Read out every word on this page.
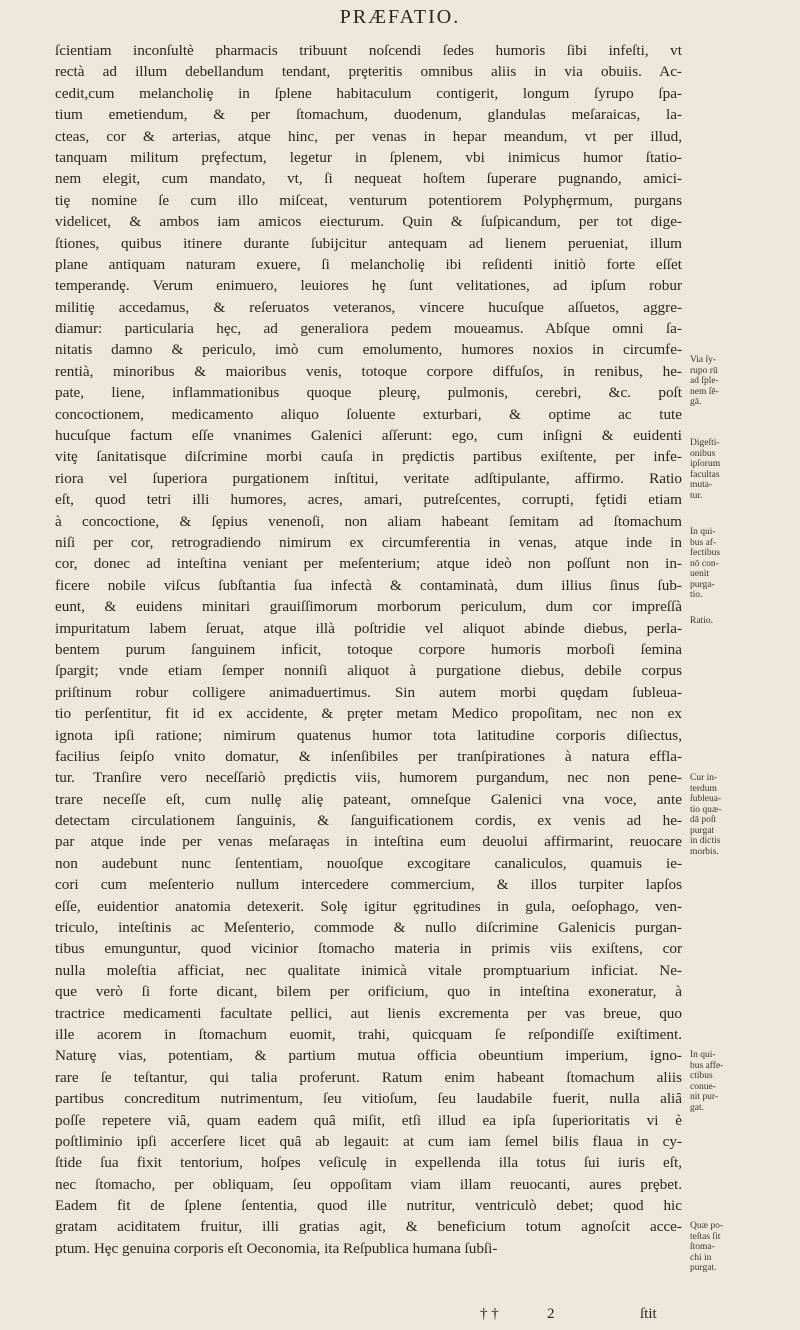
PRÆFATIO.
ſcientiam inconſultè pharmacis tribuunt noſcendi ſedes humoris ſibi infeſti, vt
rectà ad illum debellandum tendant, prȩteritis omnibus aliis in via obuiis. Ac-
cedit,cum melancholiȩ in ſplene habitaculum contigerit, longum ſyrupo ſpa-
tium emetiendum, & per ſtomachum, duodenum, glandulas meſaraicas, la-
cteas, cor & arterias, atque hinc, per venas in hepar meandum, vt per illud,
tanquam militum prȩfectum, legetur in ſplenem, vbi inimicus humor ſtatio-
nem elegit, cum mandato, vt, ſi nequeat hoſtem ſuperare pugnando, amici-
tiȩ nomine ſe cum illo miſceat, venturum potentiorem Polyphȩrmum, purgans
videlicet, & ambos iam amicos eiecturum. Quin & ſuſpicandum, per tot dige-
ſtiones, quibus itinere durante ſubijcitur antequam ad lienem perueniat, illum
plane antiquam naturam exuere, ſi melancholiȩ ibi reſidenti initiò forte eſſet
temperandȩ. Verum enimuero, leuiores hȩ ſunt velitationes, ad ipſum robur
militiȩ accedamus, & reſeruatos veteranos, vincere hucuſque aſſuetos, aggre-
diamur: particularia hȩc, ad generaliora pedem moueamus. Abſque omni ſa-
nitatis damno & periculo, imò cum emolumento, humores noxios in circumfe-
rentià, minoribus & maioribus venis, totoque corpore diffuſos, in renibus, he-
pate, liene, inflammationibus quoque pleurȩ, pulmonis, cerebri, &c. poſt
concoctionem, medicamento aliquo ſoluente exturbari, & optime ac tute
hucuſque factum eſſe vnanimes Galenici aſſerunt: ego, cum inſigni & euidenti
vitȩ ſanitatisque diſcrimine morbi cauſa in prȩdictis partibus exiſtente, per infe-
riora vel ſuperiora purgationem inſtitui, veritate adſtipulante, affirmo. Ratio
eſt, quod tetri illi humores, acres, amari, putreſcentes, corrupti, fȩtidi etiam
à concoctione, & ſȩpius venenoſi, non aliam habeant ſemitam ad ſtomachum
niſi per cor, retrogradiendo nimirum ex circumferentia in venas, atque inde in
cor, donec ad inteſtina veniant per meſenterium; atque ideò non poſſunt non in-
ficere nobile viſcus ſubſtantia ſua infectà & contaminatà, dum illius ſinus ſub-
eunt, & euidens minitari grauiſſimorum morborum periculum, dum cor impreſſà
impuritatum labem ſeruat, atque illà poſtridie vel aliquot abinde diebus, perla-
bentem purum ſanguinem inficit, totoque corpore humoris morboſi ſemina
ſpargit; vnde etiam ſemper nonniſi aliquot à purgatione diebus, debile corpus
priſtinum robur colligere animaduertimus. Sin autem morbi quȩdam ſubleua-
tio perſentitur, fit id ex accidente, & prȩter metam Medico propoſitam, nec non ex
ignota ipſi ratione; nimirum quatenus humor tota latitudine corporis diſiectus,
facilius ſeipſo vnito domatur, & inſenſibiles per tranſpirationes à natura effla-
tur. Tranſire vero neceſſariò prȩdictis viis, humorem purgandum, nec non pene-
trare neceſſe eſt, cum nullȩ aliȩ pateant, omneſque Galenici vna voce, ante
detectam circulationem ſanguinis, & ſanguificationem cordis, ex venis ad he-
par atque inde per venas meſaraȩas in inteſtina eum deuolui affirmarint, reuocare
non audebunt nunc ſententiam, nouoſque excogitare canaliculos, quamuis ie-
cori cum meſenterio nullum intercedere commercium, & illos turpiter lapſos
eſſe, euidentior anatomia detexerit. Solȩ igitur ȩgritudines in gula, oeſophago, ven-
triculo, inteſtinis ac Meſenterio, commode & nullo diſcrimine Galenicis purgan-
tibus emunguntur, quod vicinior ſtomacho materia in primis viis exiſtens, cor
nulla moleſtia afficiat, nec qualitate inimicà vitale promptuarium inficiat. Ne-
que verò ſi forte dicant, bilem per orificium, quo in inteſtina exoneratur, à
tractrice medicamenti facultate pellici, aut lienis excrementa per vas breue, quo
ille acorem in ſtomachum euomit, trahi, quicquam ſe reſpondiſſe exiſtiment.
Naturȩ vias, potentiam, & partium mutua officia obeuntium imperium, igno-
rare ſe teſtantur, qui talia proferunt. Ratum enim habeant ſtomachum aliis
partibus concreditum nutrimentum, ſeu vitioſum, ſeu laudabile fuerit, nulla aliȃ
poſſe repetere viȃ, quam eadem quȃ miſit, etſi illud ea ipſa ſuperioritatis vi è
poſtliminio ipſi accerſere licet quȃ ab legauit: at cum iam ſemel bilis flaua in cy-
ſtide ſua fixit tentorium, hoſpes veſiculȩ in expellenda illa totus ſui iuris eſt,
nec ſtomacho, per obliquam, ſeu oppoſitam viam illam reuocanti, aures prȩbet.
Eadem fit de ſplene ſententia, quod ille nutritur, ventriculò debet; quod hic
gratam aciditatem fruitur, illi gratias agit, & beneficium totum agnoſcit acce-
ptum. Hȩc genuina corporis eſt Oeconomia, ita Reſpublica humana ſubſi-
Via ſy-
rupo rū
ad ſple-
nem ſē-
gā.
Digeſti-
onibus
ipſorum
facultas
muta-
tur.
In qui-
bus af-
fectibus
nō con-
uenit
purga-
tio.
Ratio.
Cur in-
terdum
ſubleua-
tio quæ-
dā poſt
purgat
in dictis
morbis.
In qui-
bus affe-
ctibus
conue-
nit pur-
gat.
Quæ po-
teſtas ſit
ſtoma-
chi in
purgat.
† †	2	ſtit
